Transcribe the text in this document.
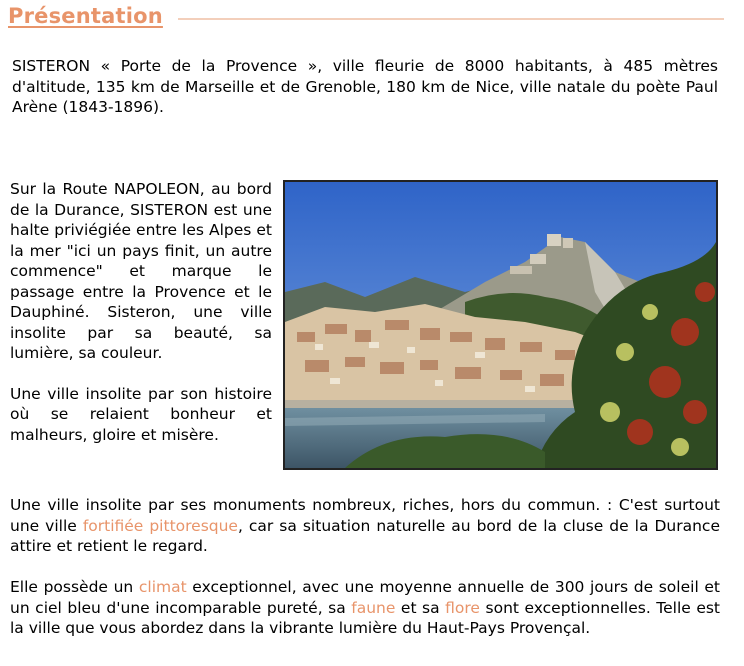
Présentation
SISTERON « Porte de la Provence », ville fleurie de 8000 habitants, à 485 mètres d'altitude, 135 km de Marseille et de Grenoble, 180 km de Nice, ville natale du poète Paul Arène (1843-1896).

Sur la Route NAPOLEON, au bord de la Durance, SISTERON est une halte priviégiée entre les Alpes et la mer "ici un pays finit, un autre commence" et marque le passage entre la Provence et le Dauphiné. Sisteron, une ville insolite par sa beauté, sa lumière, sa couleur.

Une ville insolite par son histoire où se relaient bonheur et malheurs, gloire et misère.

Une ville insolite par ses monuments nombreux, riches, hors du commun. : C'est surtout une ville fortifiée pittoresque, car sa situation naturelle au bord de la cluse de la Durance attire et retient le regard.
Elle possède un climat exceptionnel, avec une moyenne annuelle de 300 jours de soleil et un ciel bleu d'une incomparable pureté, sa faune et sa flore sont exceptionnelles. Telle est la ville que vous abordez dans la vibrante lumière du Haut-Pays Provençal.
